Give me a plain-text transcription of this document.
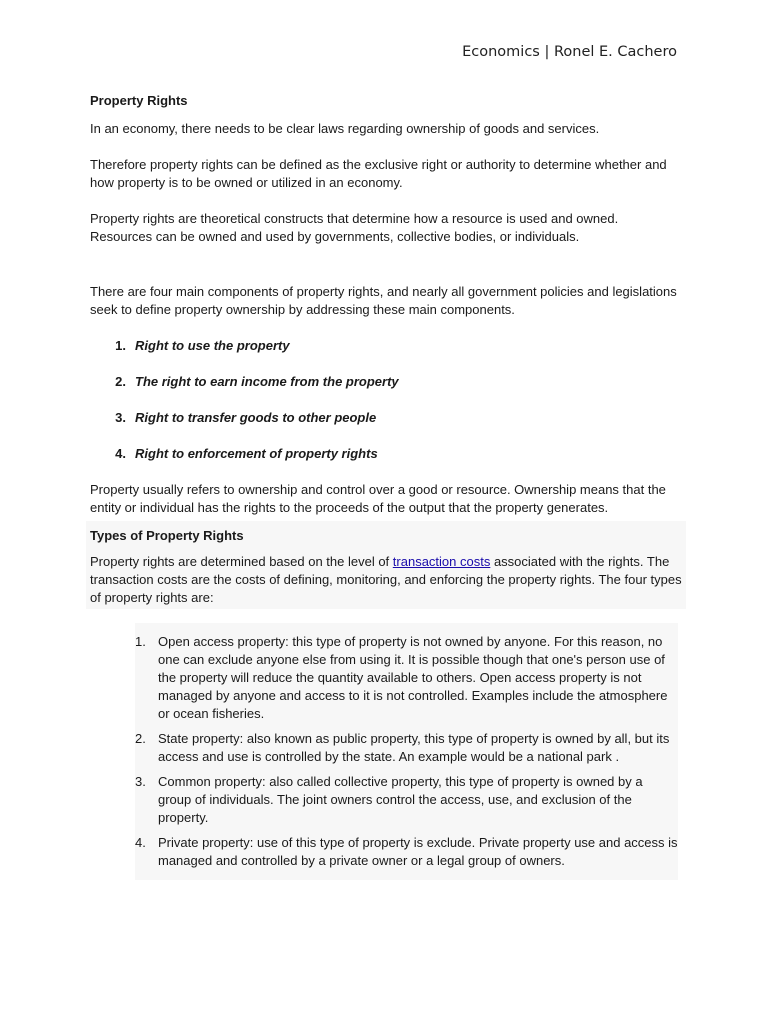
Economics | Ronel E. Cachero
Property Rights

In an economy, there needs to be clear laws regarding ownership of goods and services.

Therefore property rights can be defined as the exclusive right or authority to determine whether and how property is to be owned or utilized in an economy.

Property rights are theoretical constructs that determine how a resource is used and owned. Resources can be owned and used by governments, collective bodies, or individuals.

There are four main components of property rights, and nearly all government policies and legislations seek to define property ownership by addressing these main components.

1. Right to use the property
2. The right to earn income from the property
3. Right to transfer goods to other people
4. Right to enforcement of property rights

Property usually refers to ownership and control over a good or resource. Ownership means that the entity or individual has the rights to the proceeds of the output that the property generates.

Types of Property Rights

Property rights are determined based on the level of transaction costs associated with the rights. The transaction costs are the costs of defining, monitoring, and enforcing the property rights. The four types of property rights are:

1. Open access property: this type of property is not owned by anyone. For this reason, no one can exclude anyone else from using it. It is possible though that one's person use of the property will reduce the quantity available to others. Open access property is not managed by anyone and access to it is not controlled. Examples include the atmosphere or ocean fisheries.
2. State property: also known as public property, this type of property is owned by all, but its access and use is controlled by the state. An example would be a national park .
3. Common property: also called collective property, this type of property is owned by a group of individuals. The joint owners control the access, use, and exclusion of the property.
4. Private property: use of this type of property is exclude. Private property use and access is managed and controlled by a private owner or a legal group of owners.
